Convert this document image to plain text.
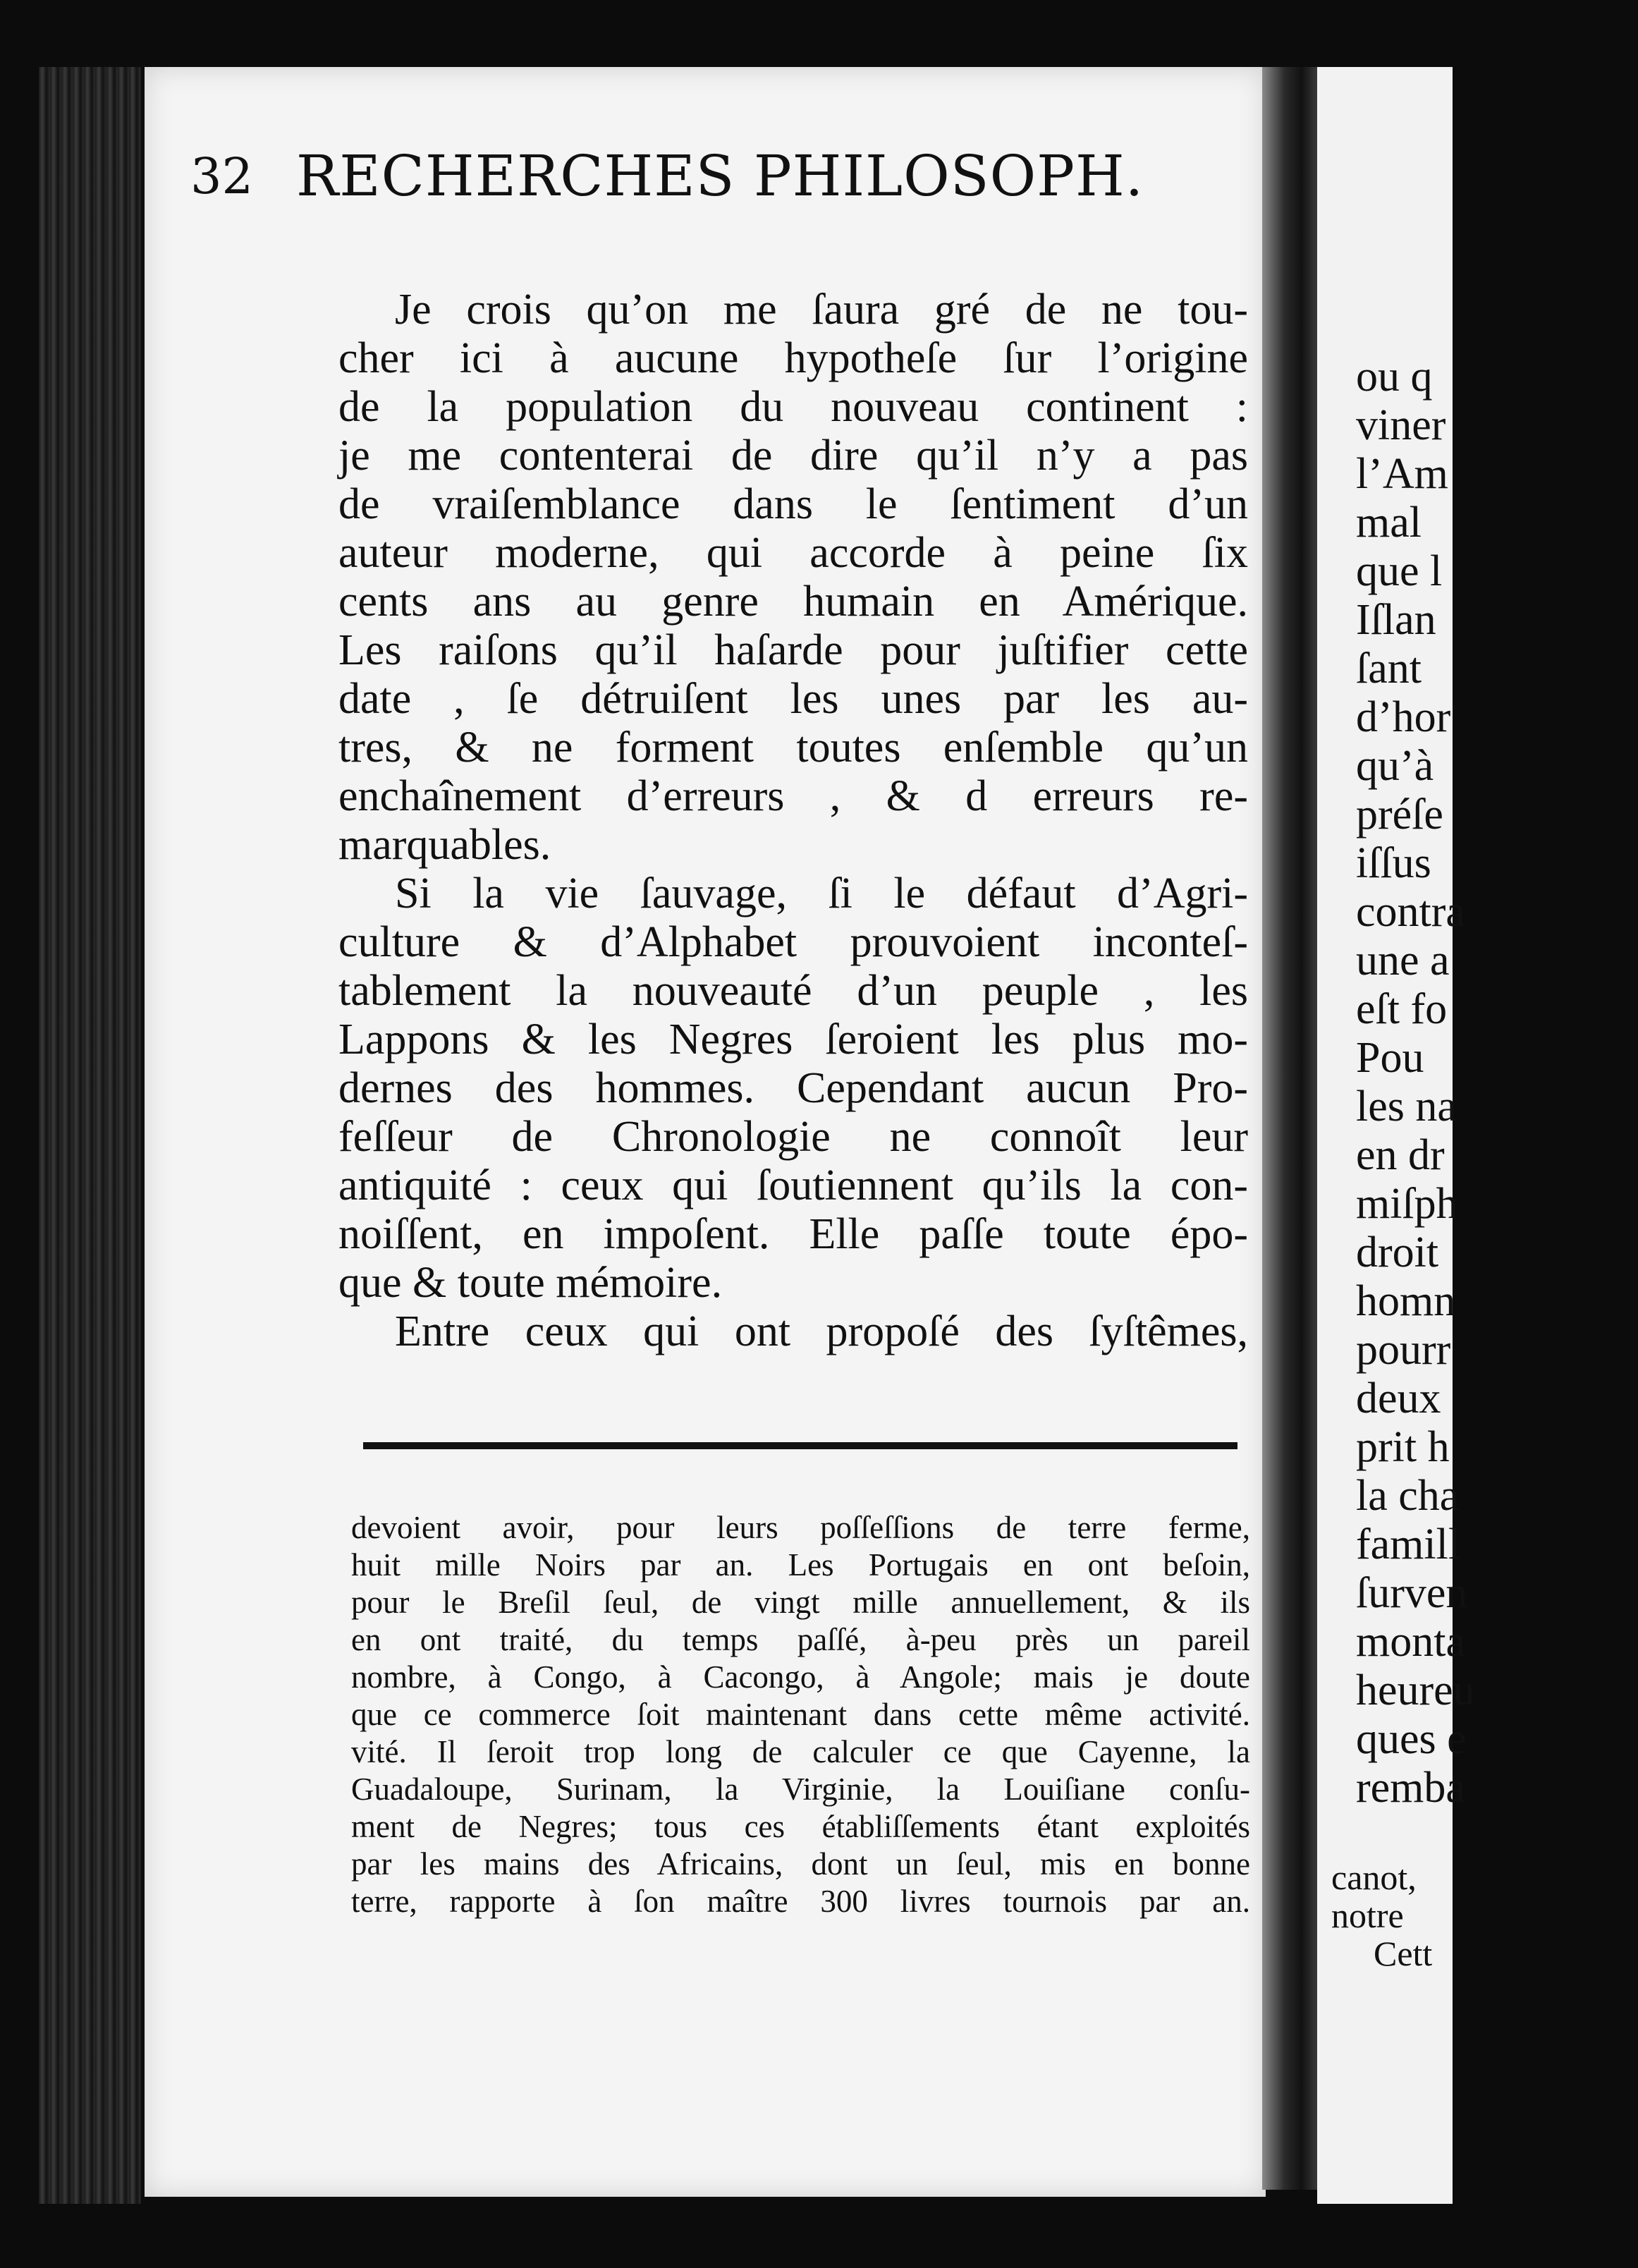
ou q
viner
l’Am
mal
que l
Iſlan
ſant
d’hor
qu’à
préſe
iſſus
contra
une a
eſt fo
Pou
les na
en dr
miſph
droit
homn
pourr
deux
prit h
la cha
famill
ſurven
monta
heureu
ques e
remba
canot,
notre
Cett
32 RECHERCHES PHILOSOPH.
Je crois qu’on me ſaura gré de ne tou-
cher ici à aucune hypotheſe ſur l’origine
de la population du nouveau continent :
je me contenterai de dire qu’il n’y a pas
de vraiſemblance dans le ſentiment d’un
auteur moderne, qui accorde à peine ſix
cents ans au genre humain en Amérique.
Les raiſons qu’il haſarde pour juſtifier cette
date , ſe détruiſent les unes par les au-
tres, & ne forment toutes enſemble qu’un
enchaînement d’erreurs , & d erreurs re-
marquables.
Si la vie ſauvage, ſi le défaut d’Agri-
culture & d’Alphabet prouvoient inconteſ-
tablement la nouveauté d’un peuple , les
Lappons & les Negres ſeroient les plus mo-
dernes des hommes. Cependant aucun Pro-
feſſeur de Chronologie ne connoît leur
antiquité : ceux qui ſoutiennent qu’ils la con-
noiſſent, en impoſent. Elle paſſe toute épo-
que & toute mémoire.
Entre ceux qui ont propoſé des ſyſtêmes,
devoient avoir, pour leurs poſſeſſions de terre ferme,
huit mille Noirs par an. Les Portugais en ont beſoin,
pour le Breſil ſeul, de vingt mille annuellement, & ils
en ont traité, du temps paſſé, à-peu près un pareil
nombre, à Congo, à Cacongo, à Angole; mais je doute
que ce commerce ſoit maintenant dans cette même activité.
vité. Il ſeroit trop long de calculer ce que Cayenne, la
Guadaloupe, Surinam, la Virginie, la Louiſiane conſu-
ment de Negres; tous ces établiſſements étant exploités
par les mains des Africains, dont un ſeul, mis en bonne
terre, rapporte à ſon maître 300 livres tournois par an.
